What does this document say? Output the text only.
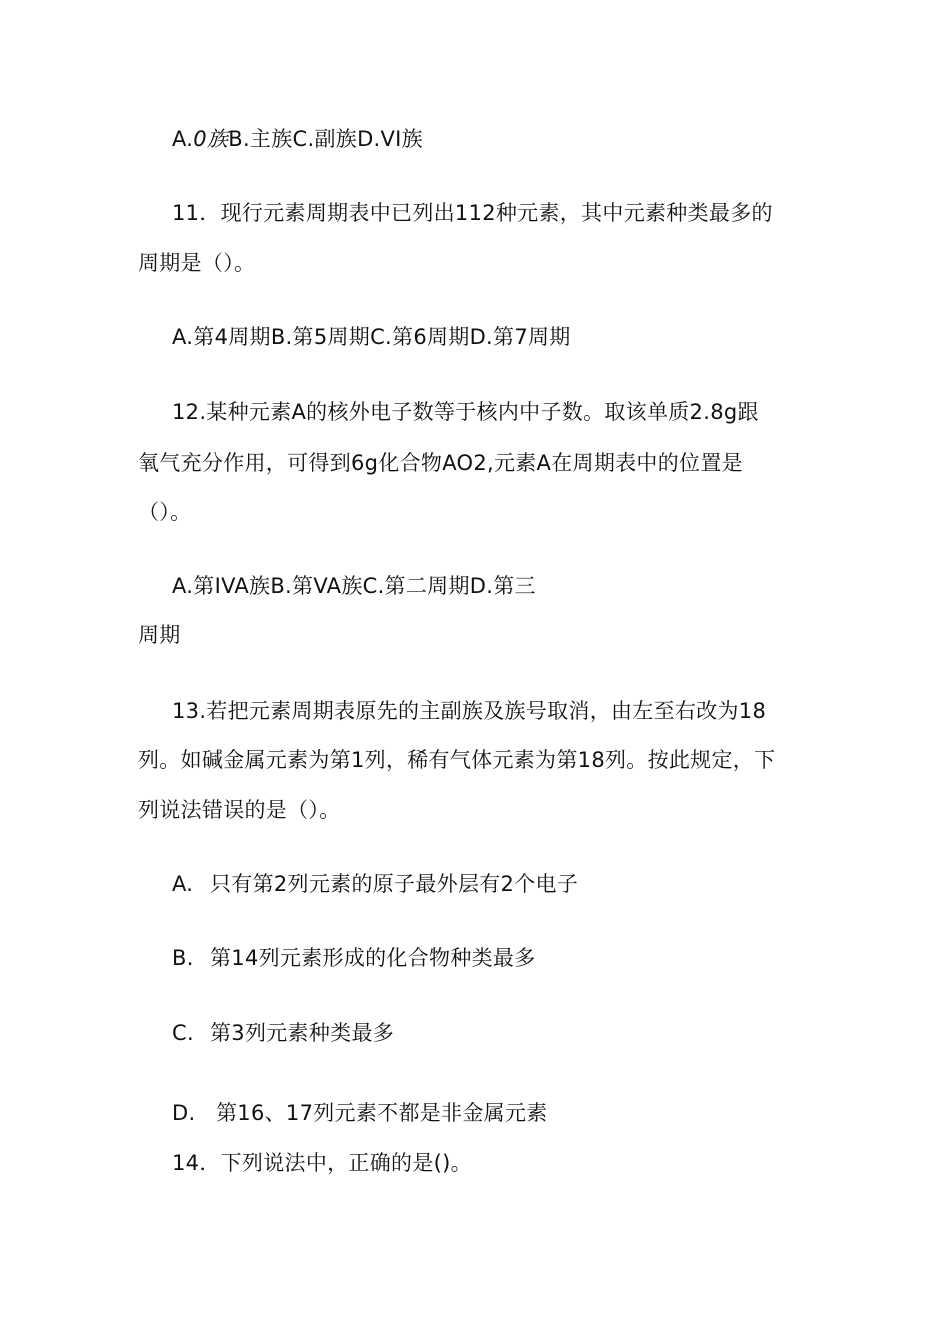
A.0族B.主族C.副族D.VI族
11．现行元素周期表中已列出112种元素，其中元素种类最多的
周期是（）。
A.第4周期B.第5周期C.第6周期D.第7周期
12.某种元素A的核外电子数等于核内中子数。取该单质2.8g跟
氧气充分作用，可得到6g化合物AO2,元素A在周期表中的位置是
（）。
A.第IVA族B.第VA族C.第二周期D.第三
周期
13.若把元素周期表原先的主副族及族号取消，由左至右改为18
列。如碱金属元素为第1列，稀有气体元素为第18列。按此规定，下
列说法错误的是（）。
A. 只有第2列元素的原子最外层有2个电子
B. 第14列元素形成的化合物种类最多
C. 第3列元素种类最多
D. 第16、17列元素不都是非金属元素
14．下列说法中，正确的是()。
